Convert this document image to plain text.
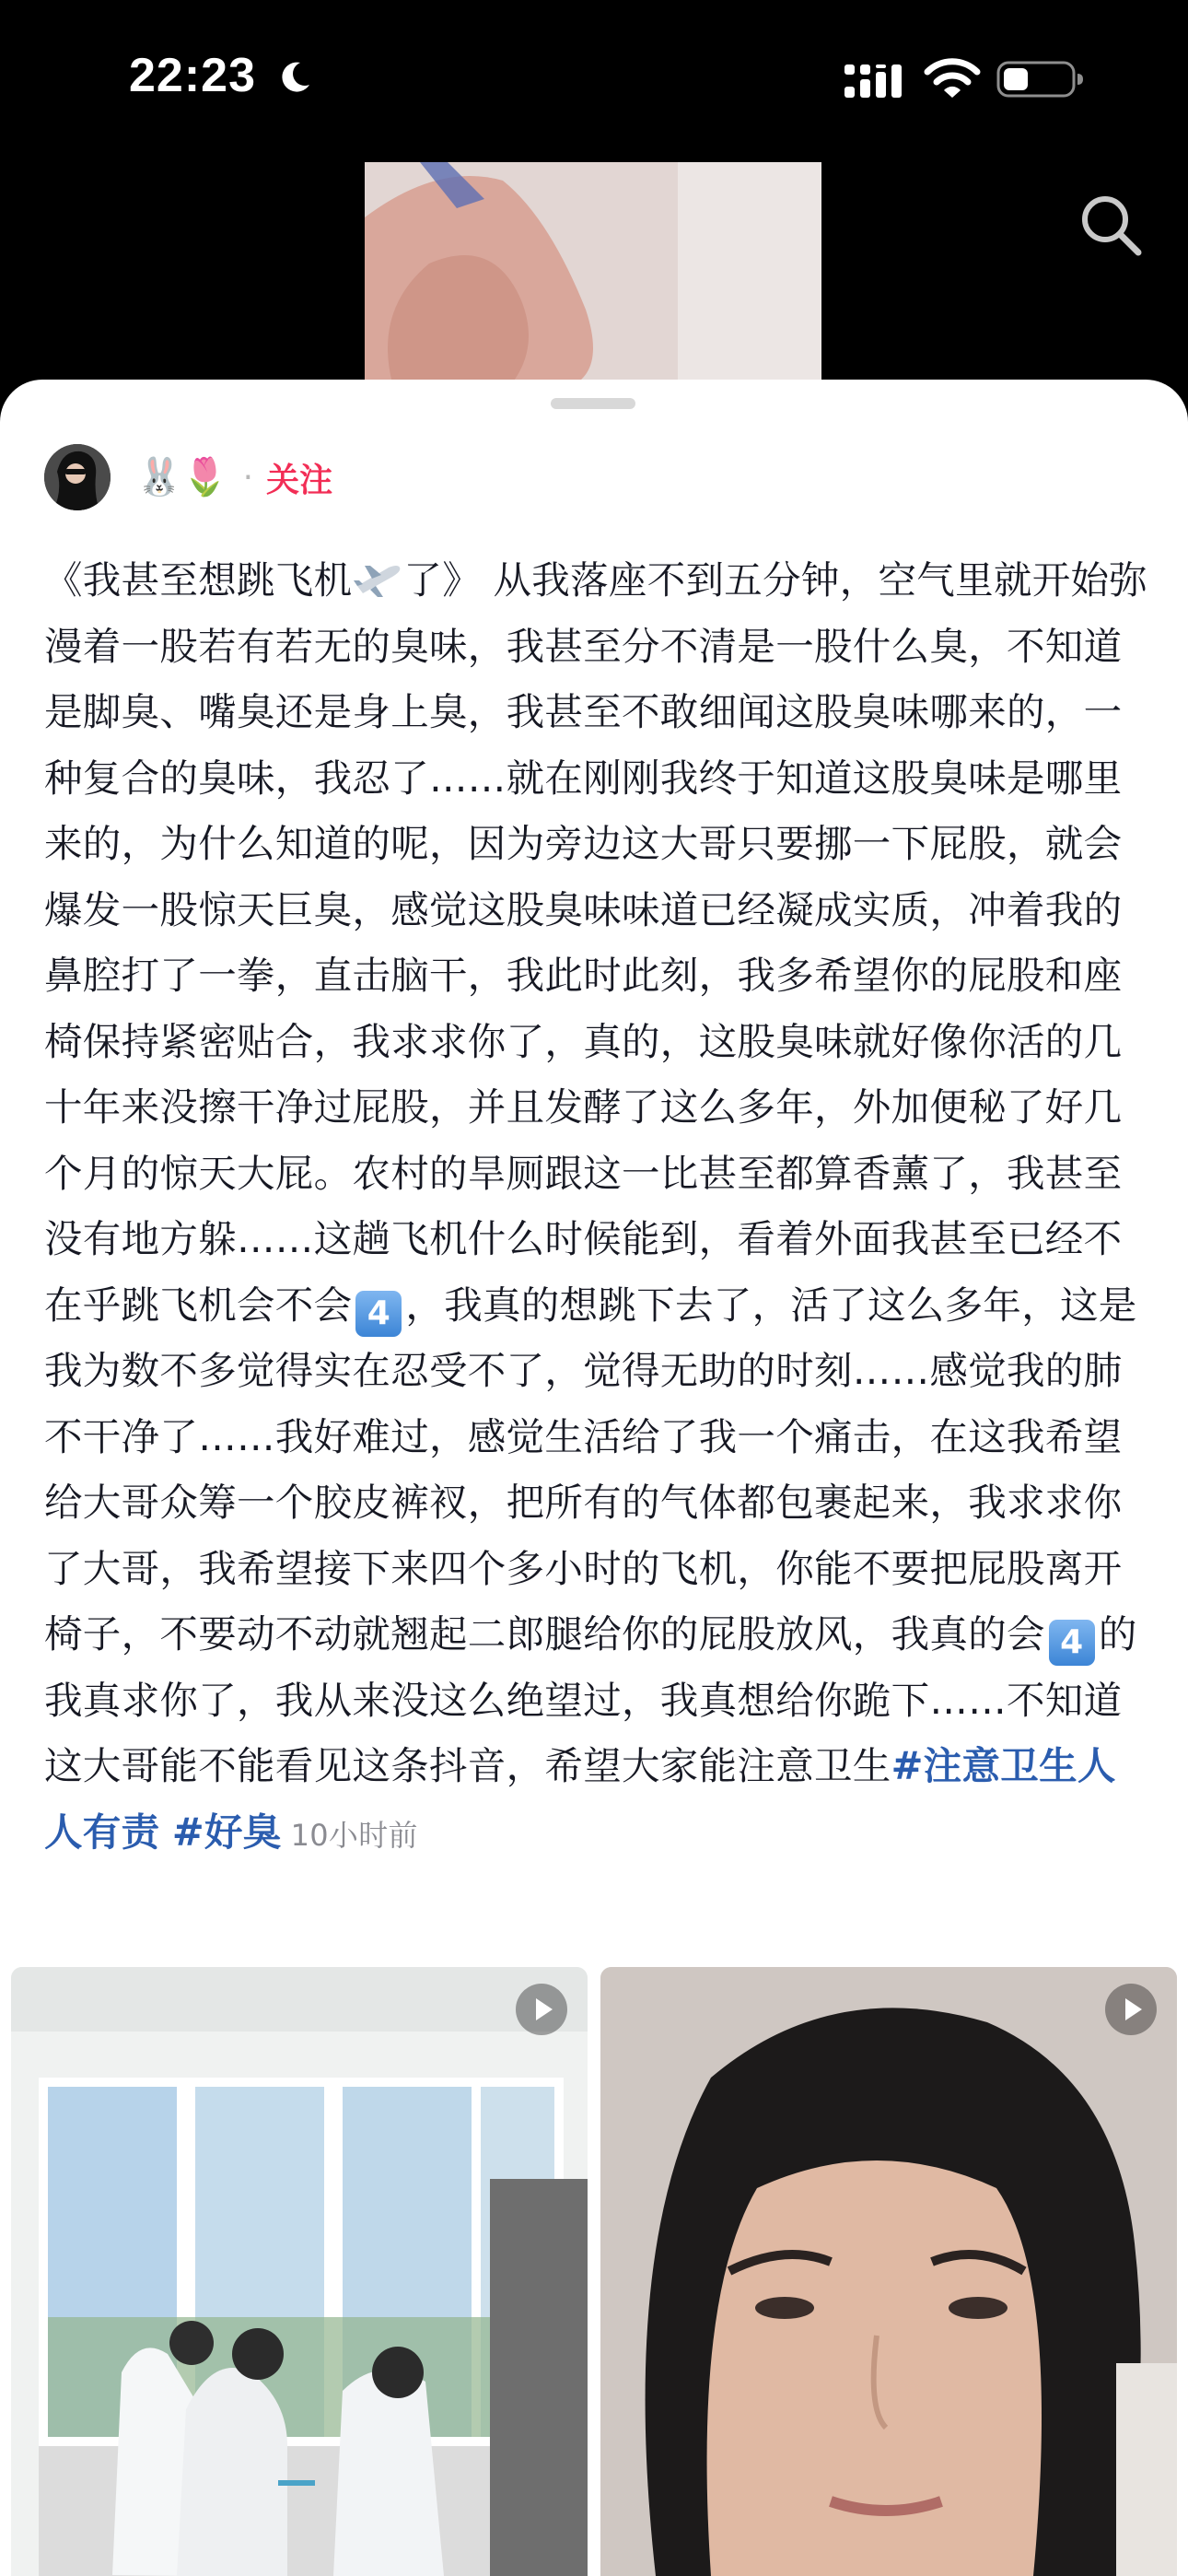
22:23
🐰🌷 · 关注
《我甚至想跳飞机 了》 从我落座不到五分钟，空气里就开始弥漫着一股若有若无的臭味，我甚至分不清是一股什么臭，不知道是脚臭、嘴臭还是身上臭，我甚至不敢细闻这股臭味哪来的，一种复合的臭味，我忍了……就在刚刚我终于知道这股臭味是哪里来的，为什么知道的呢，因为旁边这大哥只要挪一下屁股，就会爆发一股惊天巨臭，感觉这股臭味味道已经凝成实质，冲着我的鼻腔打了一拳，直击脑干，我此时此刻，我多希望你的屁股和座椅保持紧密贴合，我求求你了，真的，这股臭味就好像你活的几十年来没擦干净过屁股，并且发酵了这么多年，外加便秘了好几个月的惊天大屁。农村的旱厕跟这一比甚至都算香薰了，我甚至没有地方躲……这趟飞机什么时候能到，看着外面我甚至已经不在乎跳飞机会不会 4 ，我真的想跳下去了，活了这么多年，这是我为数不多觉得实在忍受不了，觉得无助的时刻……感觉我的肺不干净了……我好难过，感觉生活给了我一个痛击，在这我希望给大哥众筹一个胶皮裤衩，把所有的气体都包裹起来，我求求你了大哥，我希望接下来四个多小时的飞机，你能不要把屁股离开椅子，不要动不动就翘起二郎腿给你的屁股放风，我真的会 4 的 我真求你了，我从来没这么绝望过，我真想给你跪下……不知道这大哥能不能看见这条抖音，希望大家能注意卫生#注意卫生人人有责 #好臭 10小时前
